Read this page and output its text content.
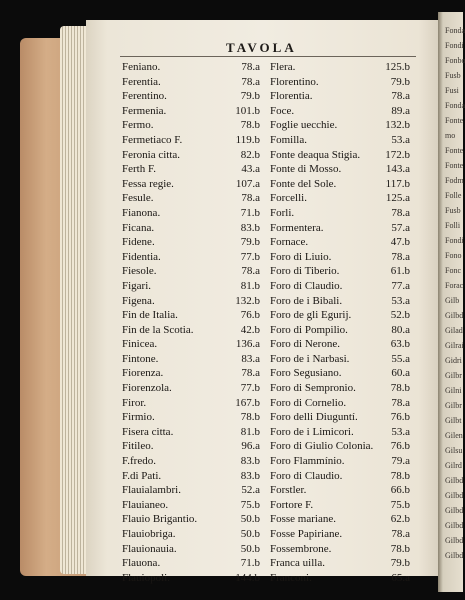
Fonda
Fondi
Fonbo
Fusb
Fusi
Fonda
Fonte
mo
Fonte
Fonte
Fodm
Folle
Fusb
Folli
Fondi
Fono
Fonc
Forac
Gilb
Gilbd
Gilad
Gilrai
Gidri
Gilbr
Gilni
Gilbr
Gilbt
Gilen
Gilsu
Gilrd
Gilbd
Gilbd
Gilbd
Gilbd
Gilbd
Gilbd
TAVOLA
Feniano.	78.a
Ferentia.	78.a
Ferentino.	79.b
Fermenia.	101.b
Fermo.	78.b
Fermetiaco F.	119.b
Feronia citta.	82.b
Ferth F.	43.a
Fessa regie.	107.a
Fesule.	78.a
Fianona.	71.b
Ficana.	83.b
Fidene.	79.b
Fidentia.	77.b
Fiesole.	78.a
Figari.	81.b
Figena.	132.b
Fin de Italia.	76.b
Fin de la Scotia.	42.b
Finicea.	136.a
Fintone.	83.a
Fiorenza.	78.a
Fiorenzola.	77.b
Firor.	167.b
Firmio.	78.b
Fisera citta.	81.b
Fitileo.	96.a
F.fredo.	83.b
F.di Pati.	83.b
Flauialambri.	52.a
Flauianeo.	75.b
Flauio Brigantio.	50.b
Flauiobriga.	50.b
Flauionauia.	50.b
Flauona.	71.b
Flauiopoli.	144.b
Flera.	125.b
Florentino.	79.b
Florentia.	78.a
Foce.	89.a
Foglie uecchie.	132.b
Fomilla.	53.a
Fonte deaqua Stigia. 172.b
Fonte di Mosso.	143.a
Fonte del Sole.	117.b
Forcelli.	125.a
Forli.	78.a
Formentera.	57.a
Fornace.	47.b
Foro di Liuio.	78.a
Foro di Tiberio.	61.b
Foro di Claudio.	77.a
Foro de i Bibali.	53.a
Foro de gli Egurij.	52.b
Foro di Pompilio.	80.a
Foro di Nerone.	63.b
Foro de i Narbasi.	55.a
Foro Segusiano.	60.a
Foro di Sempronio.	78.b
Foro di Cornelio.	78.a
Foro delli Diuguntí.	76.b
Foro de i Limicori.	53.a
Foro di Giulio Colonia. 76.b
Foro Flammínio.	79.a
Foro di Claudio.	78.b
Forstler.	66.b
Fortore F.	75.b
Fosse mariane.	62.b
Fosse Papiriane.	78.a
Fossembrone.	78.b
Franca uilla.	79.b
Franconi.	65.a
